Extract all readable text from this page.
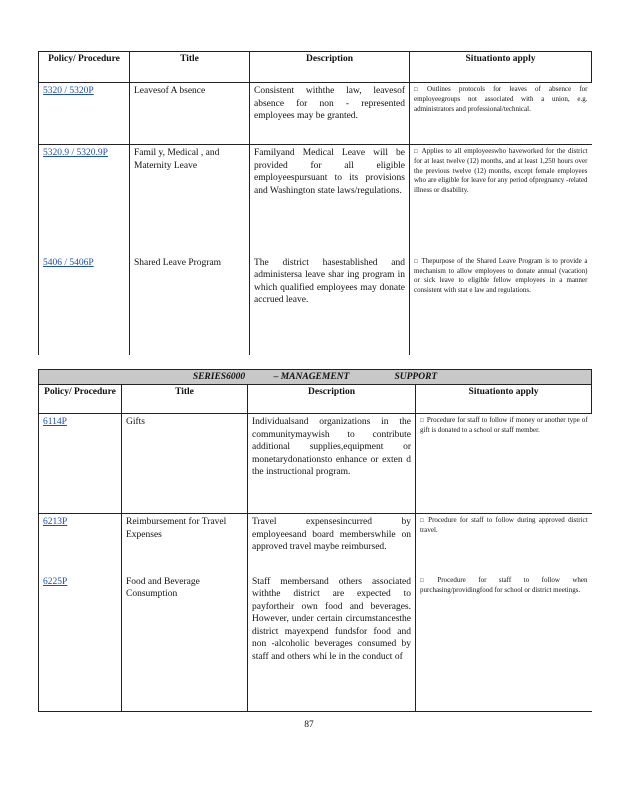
Policy/ Procedure	Title	Description	Situationto apply
5320 / 5320P	Leavesof A bsence	Consistent withthe law, leavesof absence for non - represented employees may be granted.	□ Outlines protocols for leaves of absence for employeegroups not associated with a union, e.g. administrators and professional/technical.
5320.9 / 5320.9P	Famil y, Medical , and Maternity Leave	Familyand Medical Leave will be provided for all eligible employeespursuant to its provisions and Washington state laws/regulations.	□ Applies to all employeeswho haveworked for the district for at least twelve (12) months, and at least 1,250 hours over the previous twelve (12) months, except female employees who are eligible for leave for any period ofpregnancy -related illness or disability.
5406 / 5406P	Shared Leave Program	The district hasestablished and administersa leave shar ing program in which qualified employees may donate accrued leave.	□ Thepurpose of the Shared Leave Program is to provide a mechanism to allow employees to donate annual (vacation) or sick leave to eligible fellow employees in a manner consistent with stat e law and regulations.
SERIES6000 – MANAGEMENT SUPPORT			
Policy/ Procedure	Title	Description	Situationto apply
6114P	Gifts	Individualsand organizations in the communitymaywish to contribute additional supplies,equipment or monetarydonationsto enhance or exten d the instructional program.	□ Procedure for staff to follow if money or another type of gift is donated to a school or staff member.
6213P	Reimbursement for Travel Expenses	Travel expensesincurred by employeesand board memberswhile on approved travel maybe reimbursed.	□ Procedure for staff to follow during approved district travel.
6225P	Food and Beverage Consumption	Staff membersand others associated withthe district are expected to payfortheir own food and beverages. However, under certain circumstancesthe district mayexpend fundsfor food and non -alcoholic beverages consumed by staff and others whi le in the conduct of	□ Procedure for staff to follow when purchasing/providingfood for school or district meetings.
87
